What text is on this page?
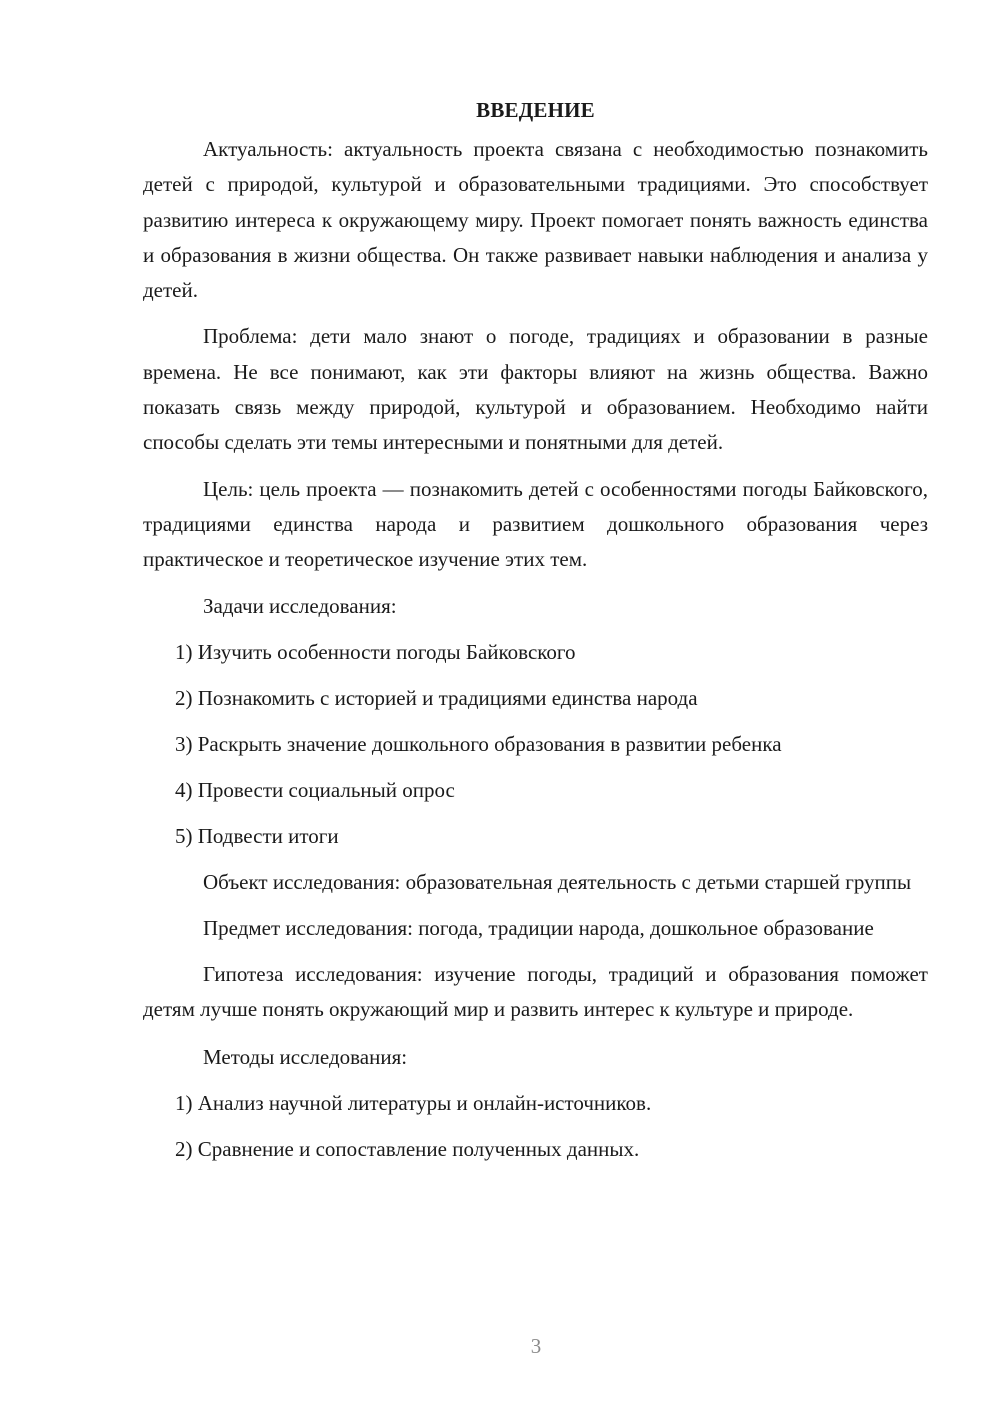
ВВЕДЕНИЕ

Актуальность: актуальность проекта связана с необходимостью познакомить детей с природой, культурой и образовательными традициями. Это способствует развитию интереса к окружающему миру. Проект помогает понять важность единства и образования в жизни общества. Он также развивает навыки наблюдения и анализа у детей.

Проблема: дети мало знают о погоде, традициях и образовании в разные времена. Не все понимают, как эти факторы влияют на жизнь общества. Важно показать связь между природой, культурой и образованием. Необходимо найти способы сделать эти темы интересными и понятными для детей.

Цель: цель проекта — познакомить детей с особенностями погоды Байковского, традициями единства народа и развитием дошкольного образования через практическое и теоретическое изучение этих тем.

Задачи исследования:

1) Изучить особенности погоды Байковского
2) Познакомить с историей и традициями единства народа
3) Раскрыть значение дошкольного образования в развитии ребенка
4) Провести социальный опрос
5) Подвести итоги

Объект исследования: образовательная деятельность с детьми старшей группы

Предмет исследования: погода, традиции народа, дошкольное образование

Гипотеза исследования: изучение погоды, традиций и образования поможет детям лучше понять окружающий мир и развить интерес к культуре и природе.

Методы исследования:

1) Анализ научной литературы и онлайн-источников.
2) Сравнение и сопоставление полученных данных.
3
